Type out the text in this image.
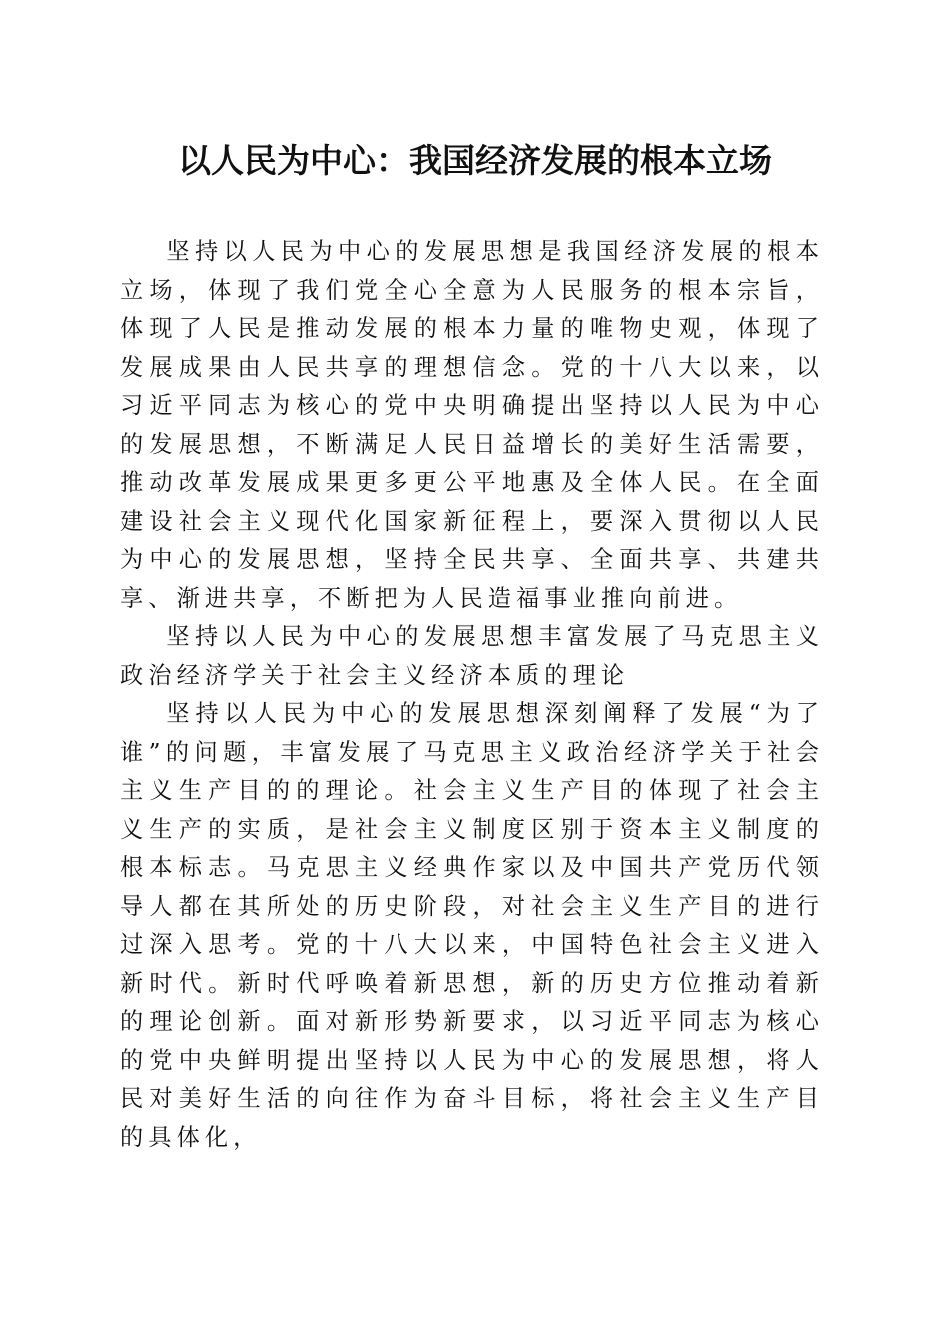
以人民为中心：我国经济发展的根本立场

坚持以人民为中心的发展思想是我国经济发展的根本立场，体现了我们党全心全意为人民服务的根本宗旨，体现了人民是推动发展的根本力量的唯物史观，体现了发展成果由人民共享的理想信念。党的十八大以来，以习近平同志为核心的党中央明确提出坚持以人民为中心的发展思想，不断满足人民日益增长的美好生活需要，推动改革发展成果更多更公平地惠及全体人民。在全面建设社会主义现代化国家新征程上，要深入贯彻以人民为中心的发展思想，坚持全民共享、全面共享、共建共享、渐进共享，不断把为人民造福事业推向前进。

坚持以人民为中心的发展思想丰富发展了马克思主义政治经济学关于社会主义经济本质的理论

坚持以人民为中心的发展思想深刻阐释了发展“为了谁”的问题，丰富发展了马克思主义政治经济学关于社会主义生产目的的理论。社会主义生产目的体现了社会主义生产的实质，是社会主义制度区别于资本主义制度的根本标志。马克思主义经典作家以及中国共产党历代领导人都在其所处的历史阶段，对社会主义生产目的进行过深入思考。党的十八大以来，中国特色社会主义进入新时代。新时代呼唤着新思想，新的历史方位推动着新的理论创新。面对新形势新要求，以习近平同志为核心的党中央鲜明提出坚持以人民为中心的发展思想，将人民对美好生活的向往作为奋斗目标，将社会主义生产目的具体化，
